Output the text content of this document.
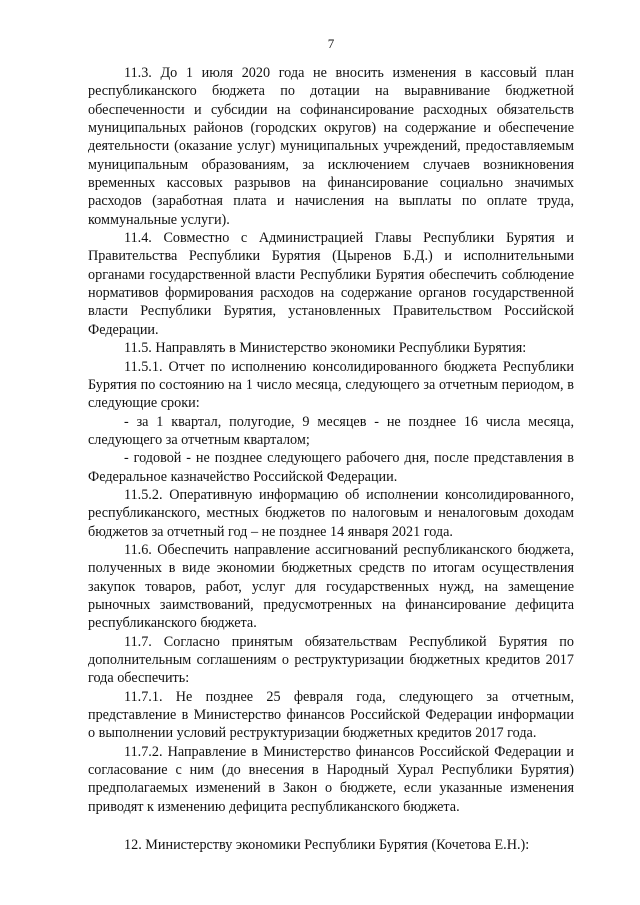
7

11.3. До 1 июля 2020 года не вносить изменения в кассовый план республиканского бюджета по дотации на выравнивание бюджетной обеспеченности и субсидии на софинансирование расходных обязательств муниципальных районов (городских округов) на содержание и обеспечение деятельности (оказание услуг) муниципальных учреждений, предоставляемым муниципальным образованиям, за исключением случаев возникновения временных кассовых разрывов на финансирование социально значимых расходов (заработная плата и начисления на выплаты по оплате труда, коммунальные услуги).

11.4. Совместно с Администрацией Главы Республики Бурятия и Правительства Республики Бурятия (Цыренов Б.Д.) и исполнительными органами государственной власти Республики Бурятия обеспечить соблюдение нормативов формирования расходов на содержание органов государственной власти Республики Бурятия, установленных Правительством Российской Федерации.

11.5. Направлять в Министерство экономики Республики Бурятия:

11.5.1. Отчет по исполнению консолидированного бюджета Республики Бурятия по состоянию на 1 число месяца, следующего за отчетным периодом, в следующие сроки:

- за 1 квартал, полугодие, 9 месяцев - не позднее 16 числа месяца, следующего за отчетным кварталом;

- годовой - не позднее следующего рабочего дня, после представления в Федеральное казначейство Российской Федерации.

11.5.2. Оперативную информацию об исполнении консолидированного, республиканского, местных бюджетов по налоговым и неналоговым доходам бюджетов за отчетный год – не позднее 14 января 2021 года.

11.6. Обеспечить направление ассигнований республиканского бюджета, полученных в виде экономии бюджетных средств по итогам осуществления закупок товаров, работ, услуг для государственных нужд, на замещение рыночных заимствований, предусмотренных на финансирование дефицита республиканского бюджета.

11.7. Согласно принятым обязательствам Республикой Бурятия по дополнительным соглашениям о реструктуризации бюджетных кредитов 2017 года обеспечить:

11.7.1. Не позднее 25 февраля года, следующего за отчетным, представление в Министерство финансов Российской Федерации информации о выполнении условий реструктуризации бюджетных кредитов 2017 года.

11.7.2. Направление в Министерство финансов Российской Федерации и согласование с ним (до внесения в Народный Хурал Республики Бурятия) предполагаемых изменений в Закон о бюджете, если указанные изменения приводят к изменению дефицита республиканского бюджета.

12. Министерству экономики Республики Бурятия (Кочетова Е.Н.):
